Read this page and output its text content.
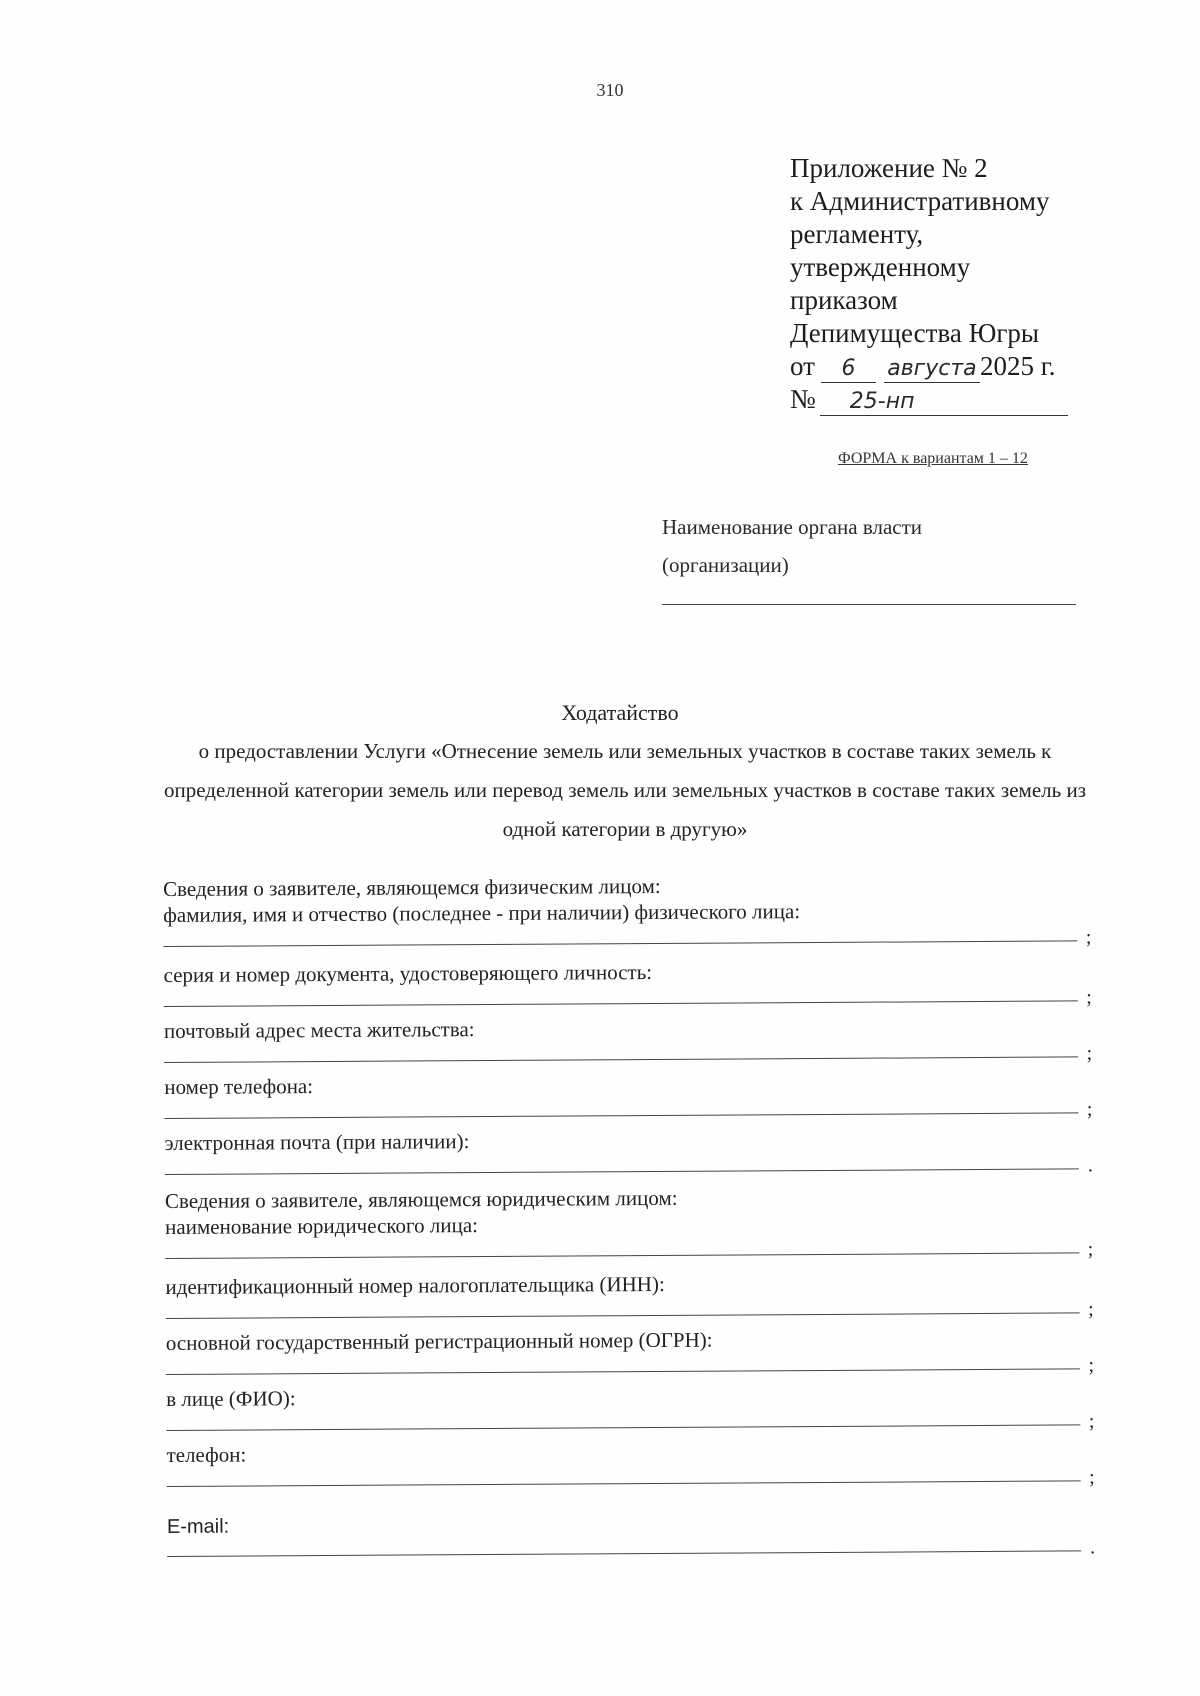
310
Приложение № 2
к Административному
регламенту,
утвержденному
приказом
Депимущества Югры
от 6 августа 2025 г.
№ 25-нп
ФОРМА к вариантам 1 – 12
Наименование органа власти
(организации)
Ходатайство
о предоставлении Услуги «Отнесение земель или земельных участков в составе таких земель к определенной категории земель или перевод земель или земельных участков в составе таких земель из одной категории в другую»
Сведения о заявителе, являющемся физическим лицом:
фамилия, имя и отчество (последнее - при наличии) физического лица:
;
серия и номер документа, удостоверяющего личность:
;
почтовый адрес места жительства:
;
номер телефона:
;
электронная почта (при наличии):
.
Сведения о заявителе, являющемся юридическим лицом:
наименование юридического лица:
;
идентификационный номер налогоплательщика (ИНН):
;
основной государственный регистрационный номер (ОГРН):
;
в лице (ФИО):
;
телефон:
;
E-mail:
.
